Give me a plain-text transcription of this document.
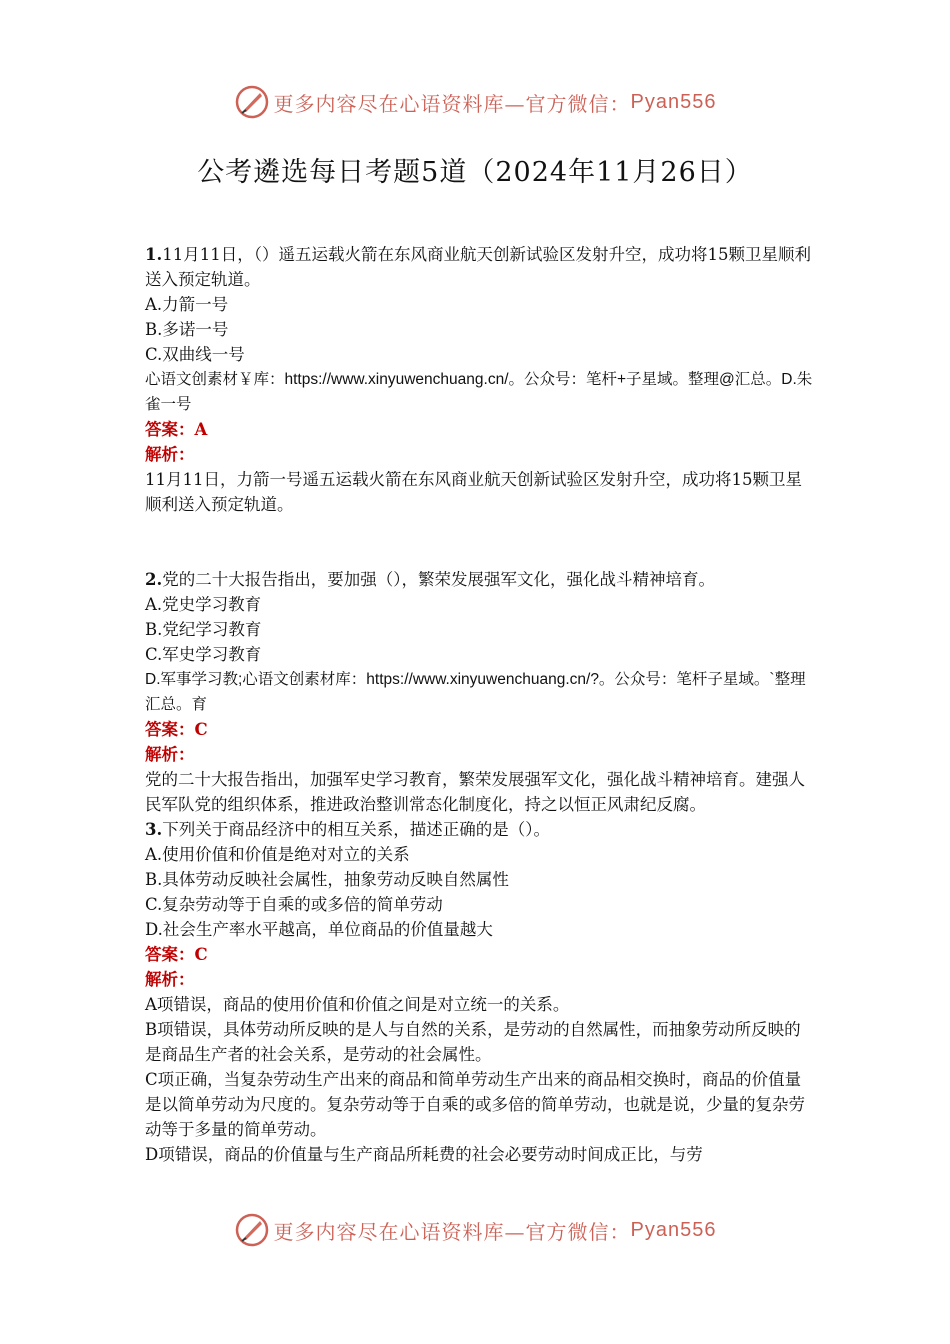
更多内容尽在心语资料库—官方微信： Pyan556
公考遴选每日考题5道（2024年11月26日）

1.11月11日，（）遥五运载火箭在东风商业航天创新试验区发射升空，成功将15颗卫星顺利送入预定轨道。

A.力箭一号

B.多诺一号

C.双曲线一号

心语文创素材￥库：https://www.xinyuwenchuang.cn/。公众号：笔杆+子星域。整理@汇总。D.朱雀一号

答案：A

解析：

11月11日，力箭一号遥五运载火箭在东风商业航天创新试验区发射升空，成功将15颗卫星顺利送入预定轨道。

2.党的二十大报告指出，要加强（），繁荣发展强军文化，强化战斗精神培育。

A.党史学习教育

B.党纪学习教育

C.军史学习教育

D.军事学习教;心语文创素材库：https://www.xinyuwenchuang.cn/?。公众号：笔杆子星域。`整理汇总。育

答案：C

解析：

党的二十大报告指出，加强军史学习教育，繁荣发展强军文化，强化战斗精神培育。建强人民军队党的组织体系，推进政治整训常态化制度化，持之以恒正风肃纪反腐。

3.下列关于商品经济中的相互关系，描述正确的是（）。

A.使用价值和价值是绝对对立的关系

B.具体劳动反映社会属性，抽象劳动反映自然属性

C.复杂劳动等于自乘的或多倍的简单劳动

D.社会生产率水平越高，单位商品的价值量越大

答案：C

解析：

A项错误，商品的使用价值和价值之间是对立统一的关系。

B项错误，具体劳动所反映的是人与自然的关系，是劳动的自然属性，而抽象劳动所反映的是商品生产者的社会关系，是劳动的社会属性。

C项正确，当复杂劳动生产出来的商品和简单劳动生产出来的商品相交换时，商品的价值量是以简单劳动为尺度的。复杂劳动等于自乘的或多倍的简单劳动，也就是说，少量的复杂劳动等于多量的简单劳动。

D项错误，商品的价值量与生产商品所耗费的社会必要劳动时间成正比，与劳

更多内容尽在心语资料库—官方微信： Pyan556
